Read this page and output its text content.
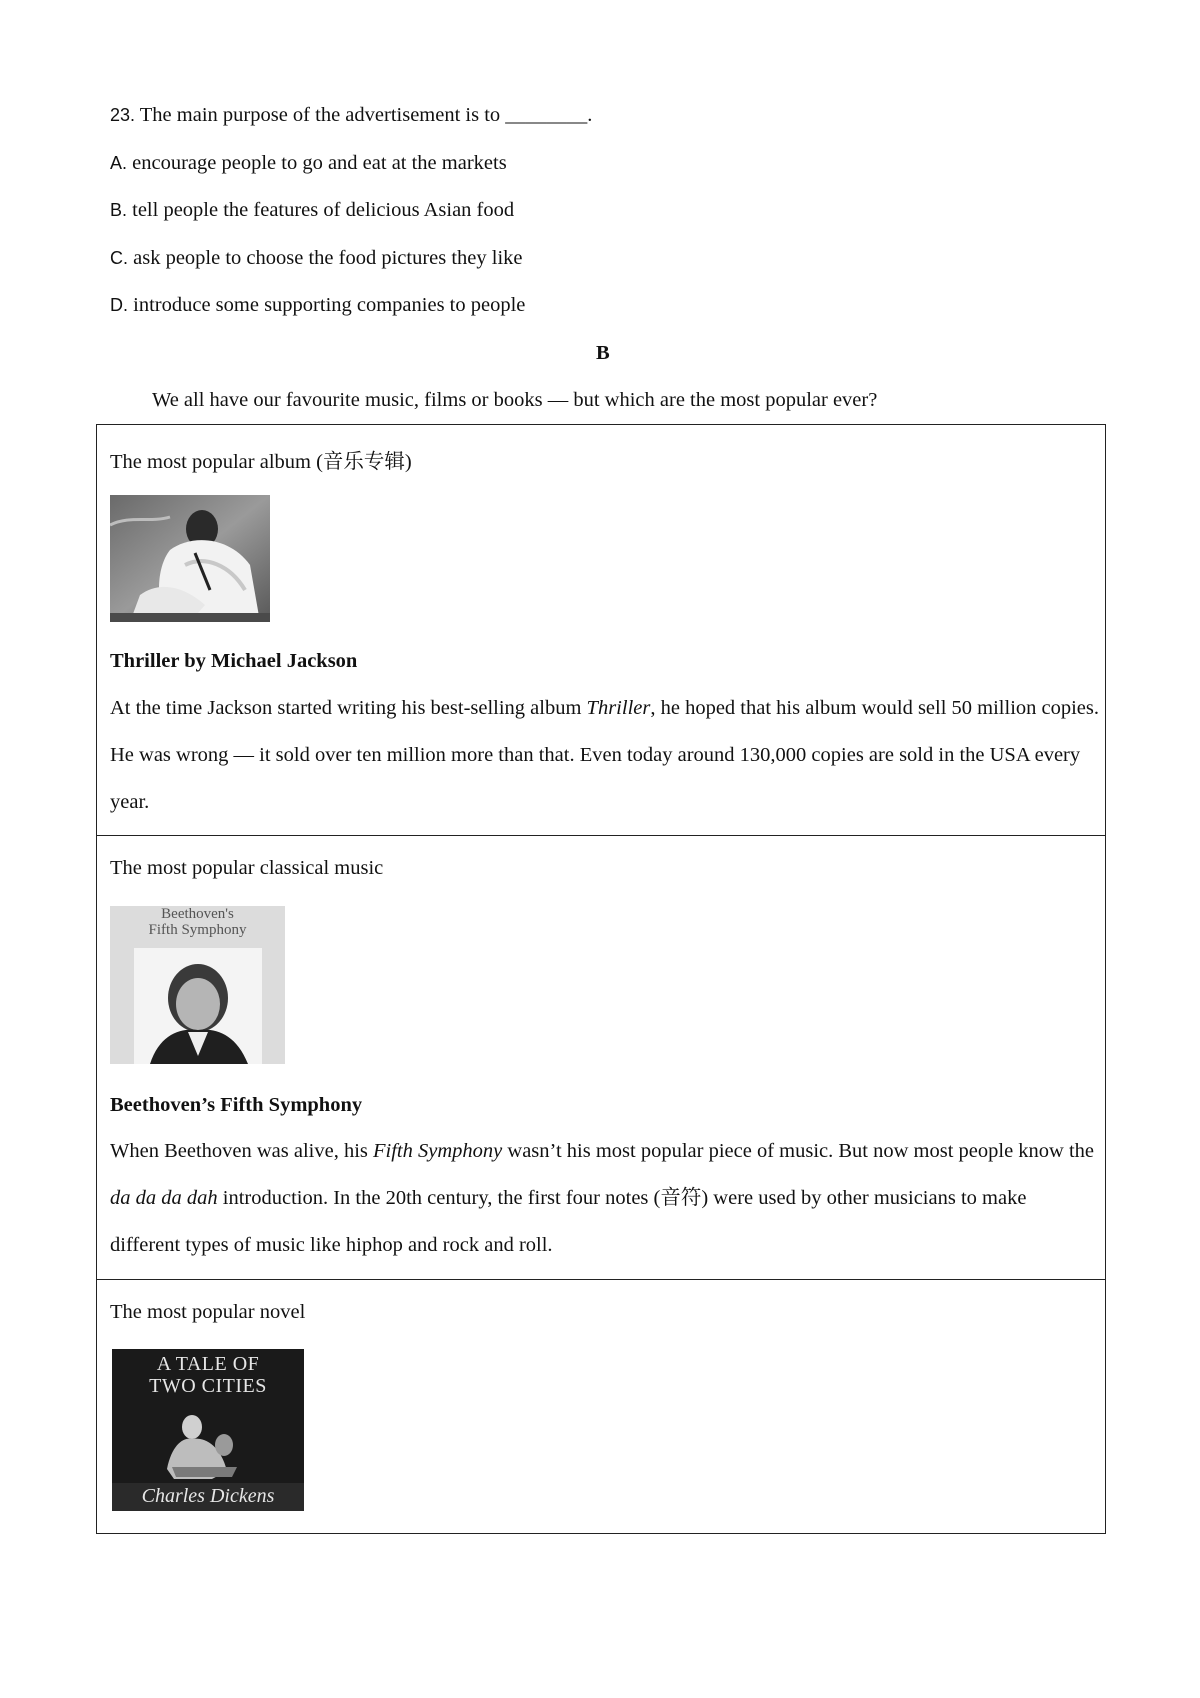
23. The main purpose of the advertisement is to ________.
A. encourage people to go and eat at the markets
B. tell people the features of delicious Asian food
C. ask people to choose the food pictures they like
D. introduce some supporting companies to people
B
We all have our favourite music, films or books — but which are the most popular ever?
The most popular album (音乐专辑)
Thriller by Michael Jackson
At the time Jackson started writing his best-selling album Thriller, he hoped that his album would sell 50 million copies. He was wrong — it sold over ten million more than that. Even today around 130,000 copies are sold in the USA every year.
The most popular classical music
Beethoven's
Fifth Symphony
Beethoven’s Fifth Symphony
When Beethoven was alive, his Fifth Symphony wasn’t his most popular piece of music. But now most people know the da da da dah introduction. In the 20th century, the first four notes (音符) were used by other musicians to make different types of music like hiphop and rock and roll.
The most popular novel
A TALE OF
TWO CITIES
Charles Dickens
